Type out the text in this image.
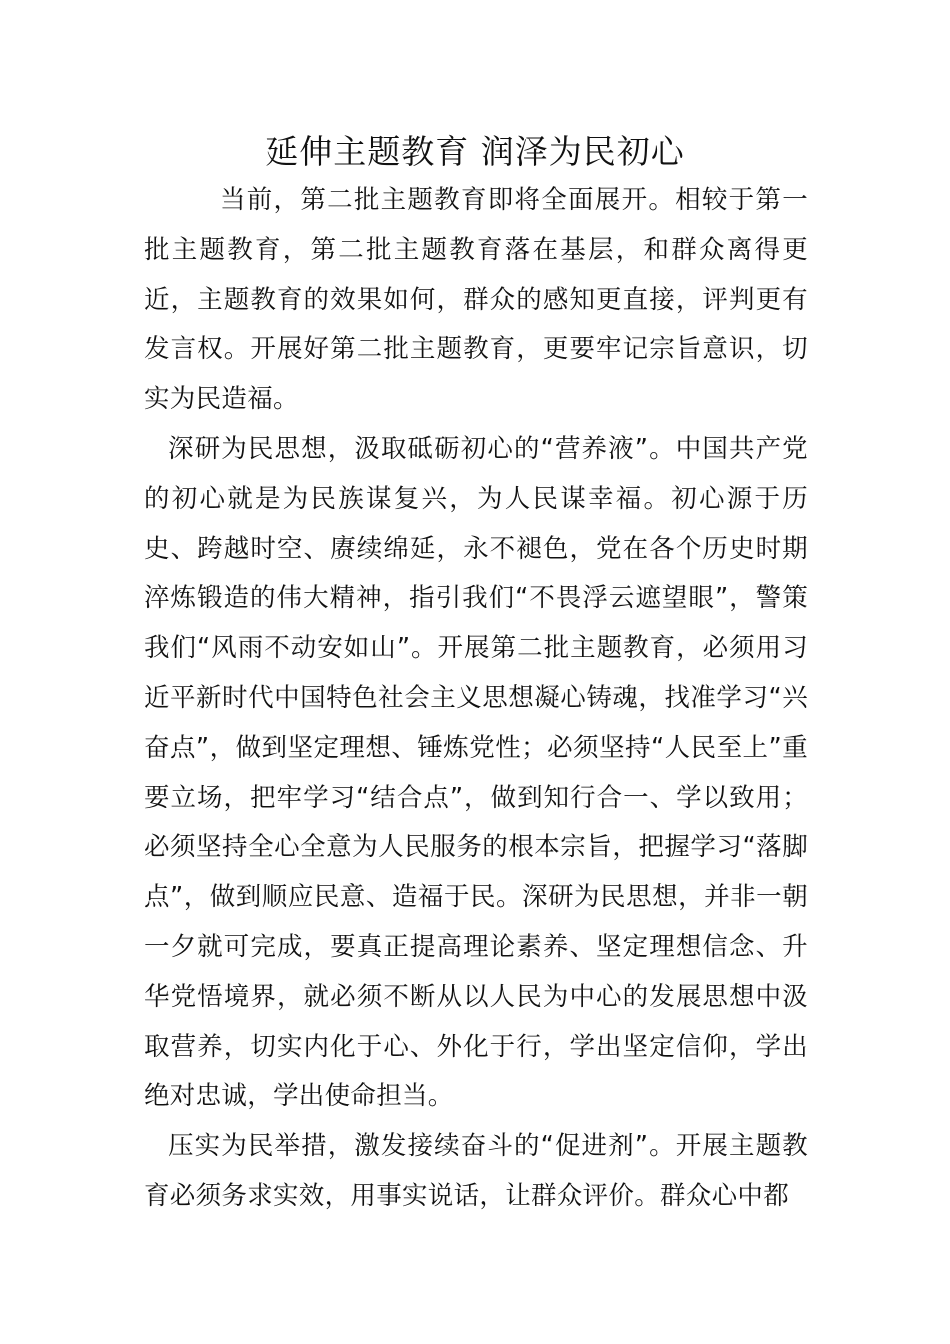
延伸主题教育 润泽为民初心

当前，第二批主题教育即将全面展开。相较于第一批主题教育，第二批主题教育落在基层，和群众离得更近，主题教育的效果如何，群众的感知更直接，评判更有发言权。开展好第二批主题教育，更要牢记宗旨意识，切实为民造福。

深研为民思想，汲取砥砺初心的“营养液”。中国共产党的初心就是为民族谋复兴，为人民谋幸福。初心源于历史、跨越时空、赓续绵延，永不褪色，党在各个历史时期淬炼锻造的伟大精神，指引我们“不畏浮云遮望眼”，警策我们“风雨不动安如山”。开展第二批主题教育，必须用习近平新时代中国特色社会主义思想凝心铸魂，找准学习“兴奋点”，做到坚定理想、锤炼党性；必须坚持“人民至上”重要立场，把牢学习“结合点”，做到知行合一、学以致用；必须坚持全心全意为人民服务的根本宗旨，把握学习“落脚点”，做到顺应民意、造福于民。深研为民思想，并非一朝一夕就可完成，要真正提高理论素养、坚定理想信念、升华党悟境界，就必须不断从以人民为中心的发展思想中汲取营养，切实内化于心、外化于行，学出坚定信仰，学出绝对忠诚，学出使命担当。

压实为民举措，激发接续奋斗的“促进剂”。开展主题教育必须务求实效，用事实说话，让群众评价。群众心中都
